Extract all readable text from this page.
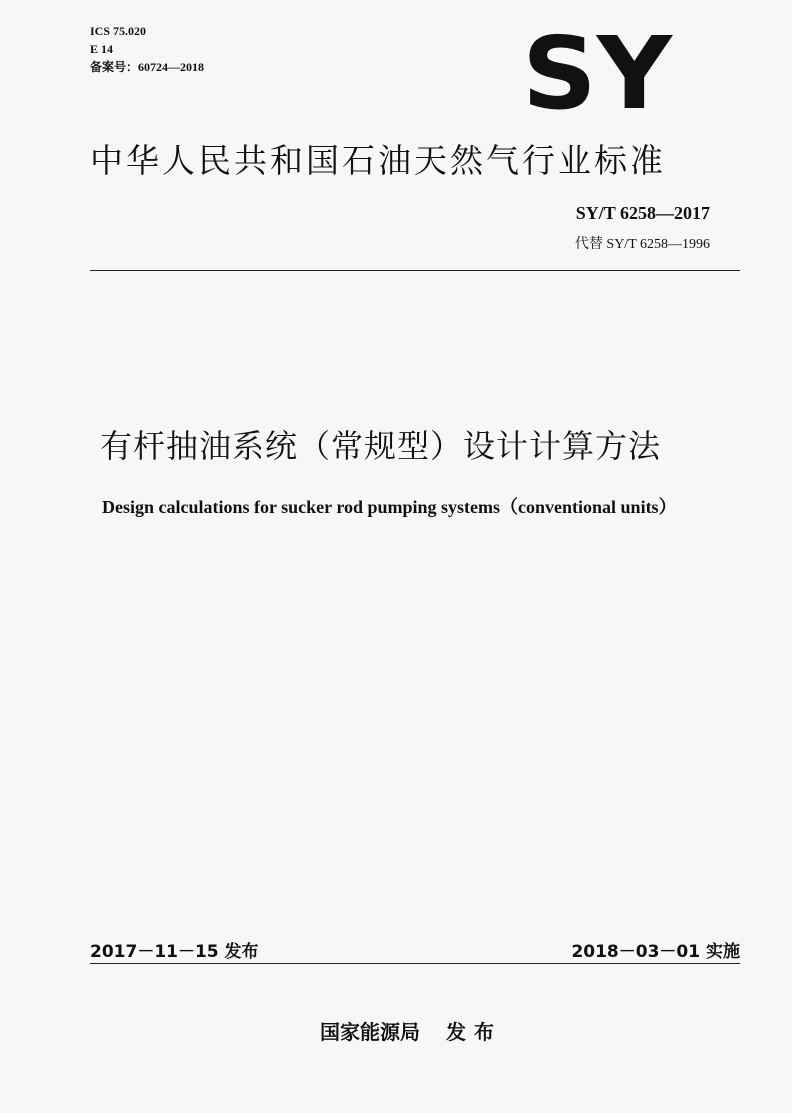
ICS 75.020
E 14
备案号：60724—2018	SY
中华人民共和国石油天然气行业标准
SY/T 6258—2017
代替 SY/T 6258—1996
有杆抽油系统（常规型）设计计算方法
Design calculations for sucker rod pumping systems（conventional units）
2017－11－15 发布	2018－03－01 实施
国家能源局 发布
